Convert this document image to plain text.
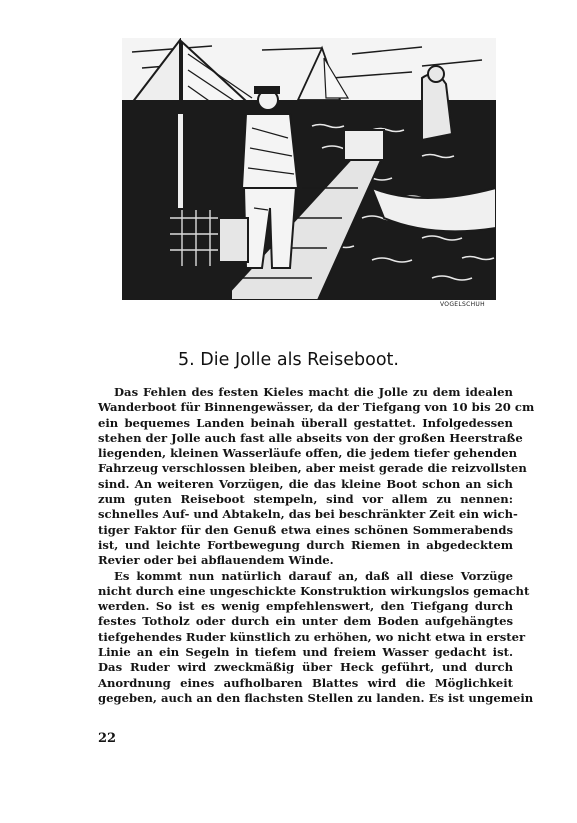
VOGELSCHUH
5. Die Jolle als Reiseboot.
Das Fehlen des festen Kieles macht die Jolle zu dem idealen
Wanderboot für Binnengewässer, da der Tiefgang von 10 bis 20 cm
ein bequemes Landen beinah überall gestattet. Infolgedessen
stehen der Jolle auch fast alle abseits von der großen Heerstraße
liegenden, kleinen Wasserläufe offen, die jedem tiefer gehenden
Fahrzeug verschlossen bleiben, aber meist gerade die reizvollsten
sind. An weiteren Vorzügen, die das kleine Boot schon an sich
zum guten Reiseboot stempeln, sind vor allem zu nennen:
schnelles Auf- und Abtakeln, das bei beschränkter Zeit ein wich-
tiger Faktor für den Genuß etwa eines schönen Sommerabends
ist, und leichte Fortbewegung durch Riemen in abgedecktem
Revier oder bei abflauendem Winde.
Es kommt nun natürlich darauf an, daß all diese Vorzüge
nicht durch eine ungeschickte Konstruktion wirkungslos gemacht
werden. So ist es wenig empfehlenswert, den Tiefgang durch
festes Totholz oder durch ein unter dem Boden aufgehängtes
tiefgehendes Ruder künstlich zu erhöhen, wo nicht etwa in erster
Linie an ein Segeln in tiefem und freiem Wasser gedacht ist.
Das Ruder wird zweckmäßig über Heck geführt, und durch
Anordnung eines aufholbaren Blattes wird die Möglichkeit
gegeben, auch an den flachsten Stellen zu landen. Es ist ungemein
22
